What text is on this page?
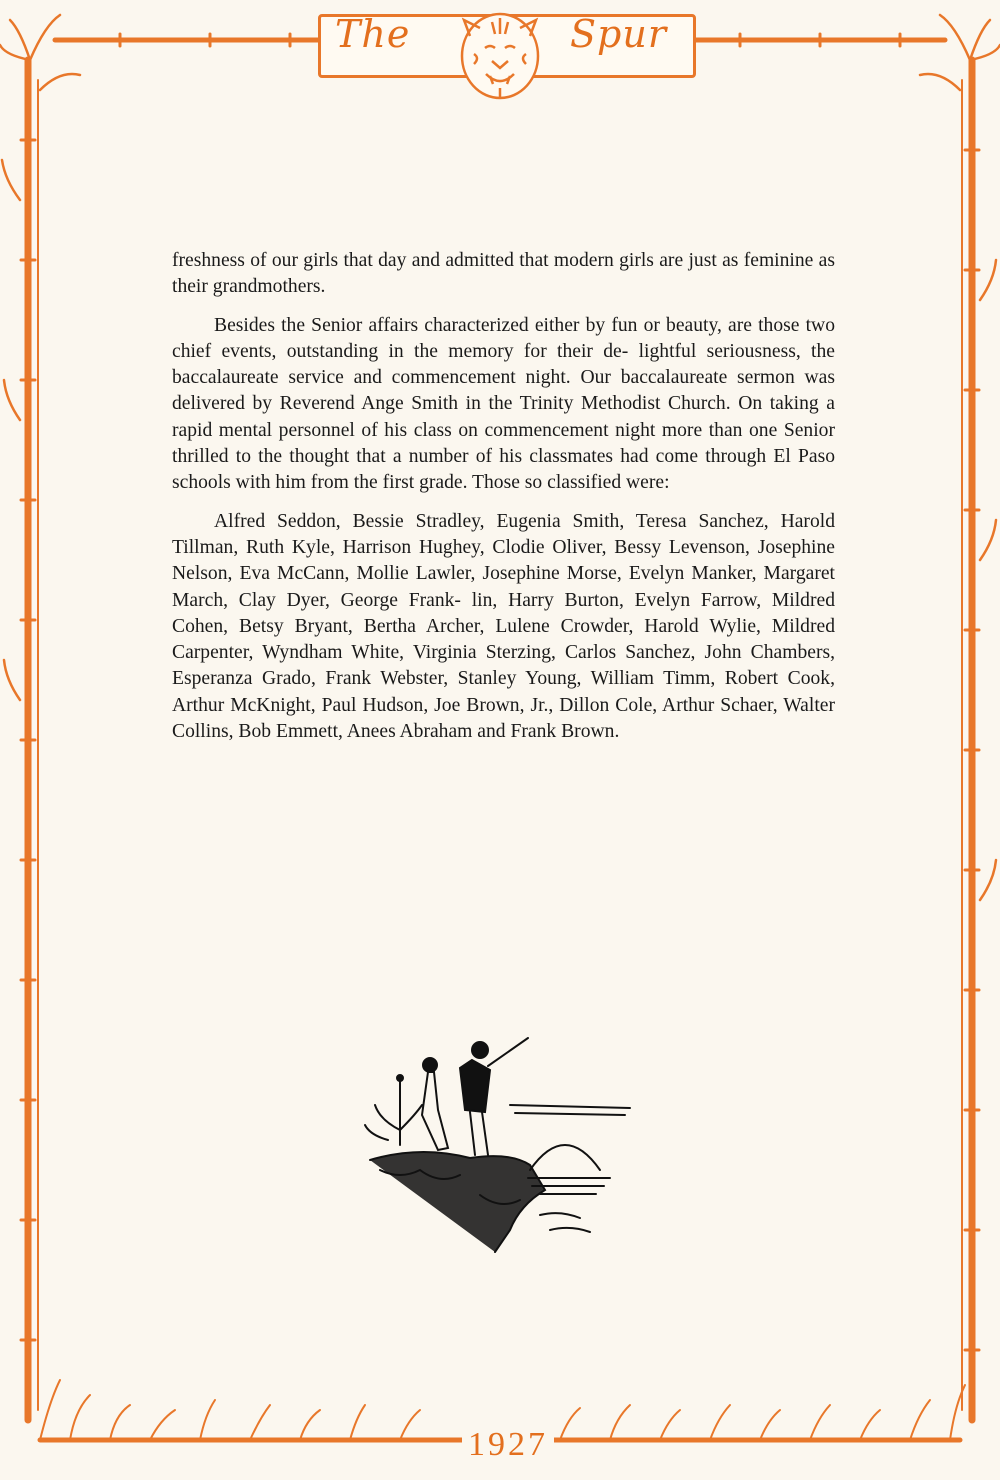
The	Spur

freshness of our girls that day and admitted that modern girls are just as feminine as their grandmothers.

Besides the Senior affairs characterized either by fun or beauty, are those two chief events, outstanding in the memory for their de- lightful seriousness, the baccalaureate service and commencement night. Our baccalaureate sermon was delivered by Reverend Ange Smith in the Trinity Methodist Church. On taking a rapid mental personnel of his class on commencement night more than one Senior thrilled to the thought that a number of his classmates had come through El Paso schools with him from the first grade. Those so classified were:

Alfred Seddon, Bessie Stradley, Eugenia Smith, Teresa Sanchez, Harold Tillman, Ruth Kyle, Harrison Hughey, Clodie Oliver, Bessy Levenson, Josephine Nelson, Eva McCann, Mollie Lawler, Josephine Morse, Evelyn Manker, Margaret March, Clay Dyer, George Frank- lin, Harry Burton, Evelyn Farrow, Mildred Cohen, Betsy Bryant, Bertha Archer, Lulene Crowder, Harold Wylie, Mildred Carpenter, Wyndham White, Virginia Sterzing, Carlos Sanchez, John Chambers, Esperanza Grado, Frank Webster, Stanley Young, William Timm, Robert Cook, Arthur McKnight, Paul Hudson, Joe Brown, Jr., Dillon Cole, Arthur Schaer, Walter Collins, Bob Emmett, Anees Abraham and Frank Brown.

1927
